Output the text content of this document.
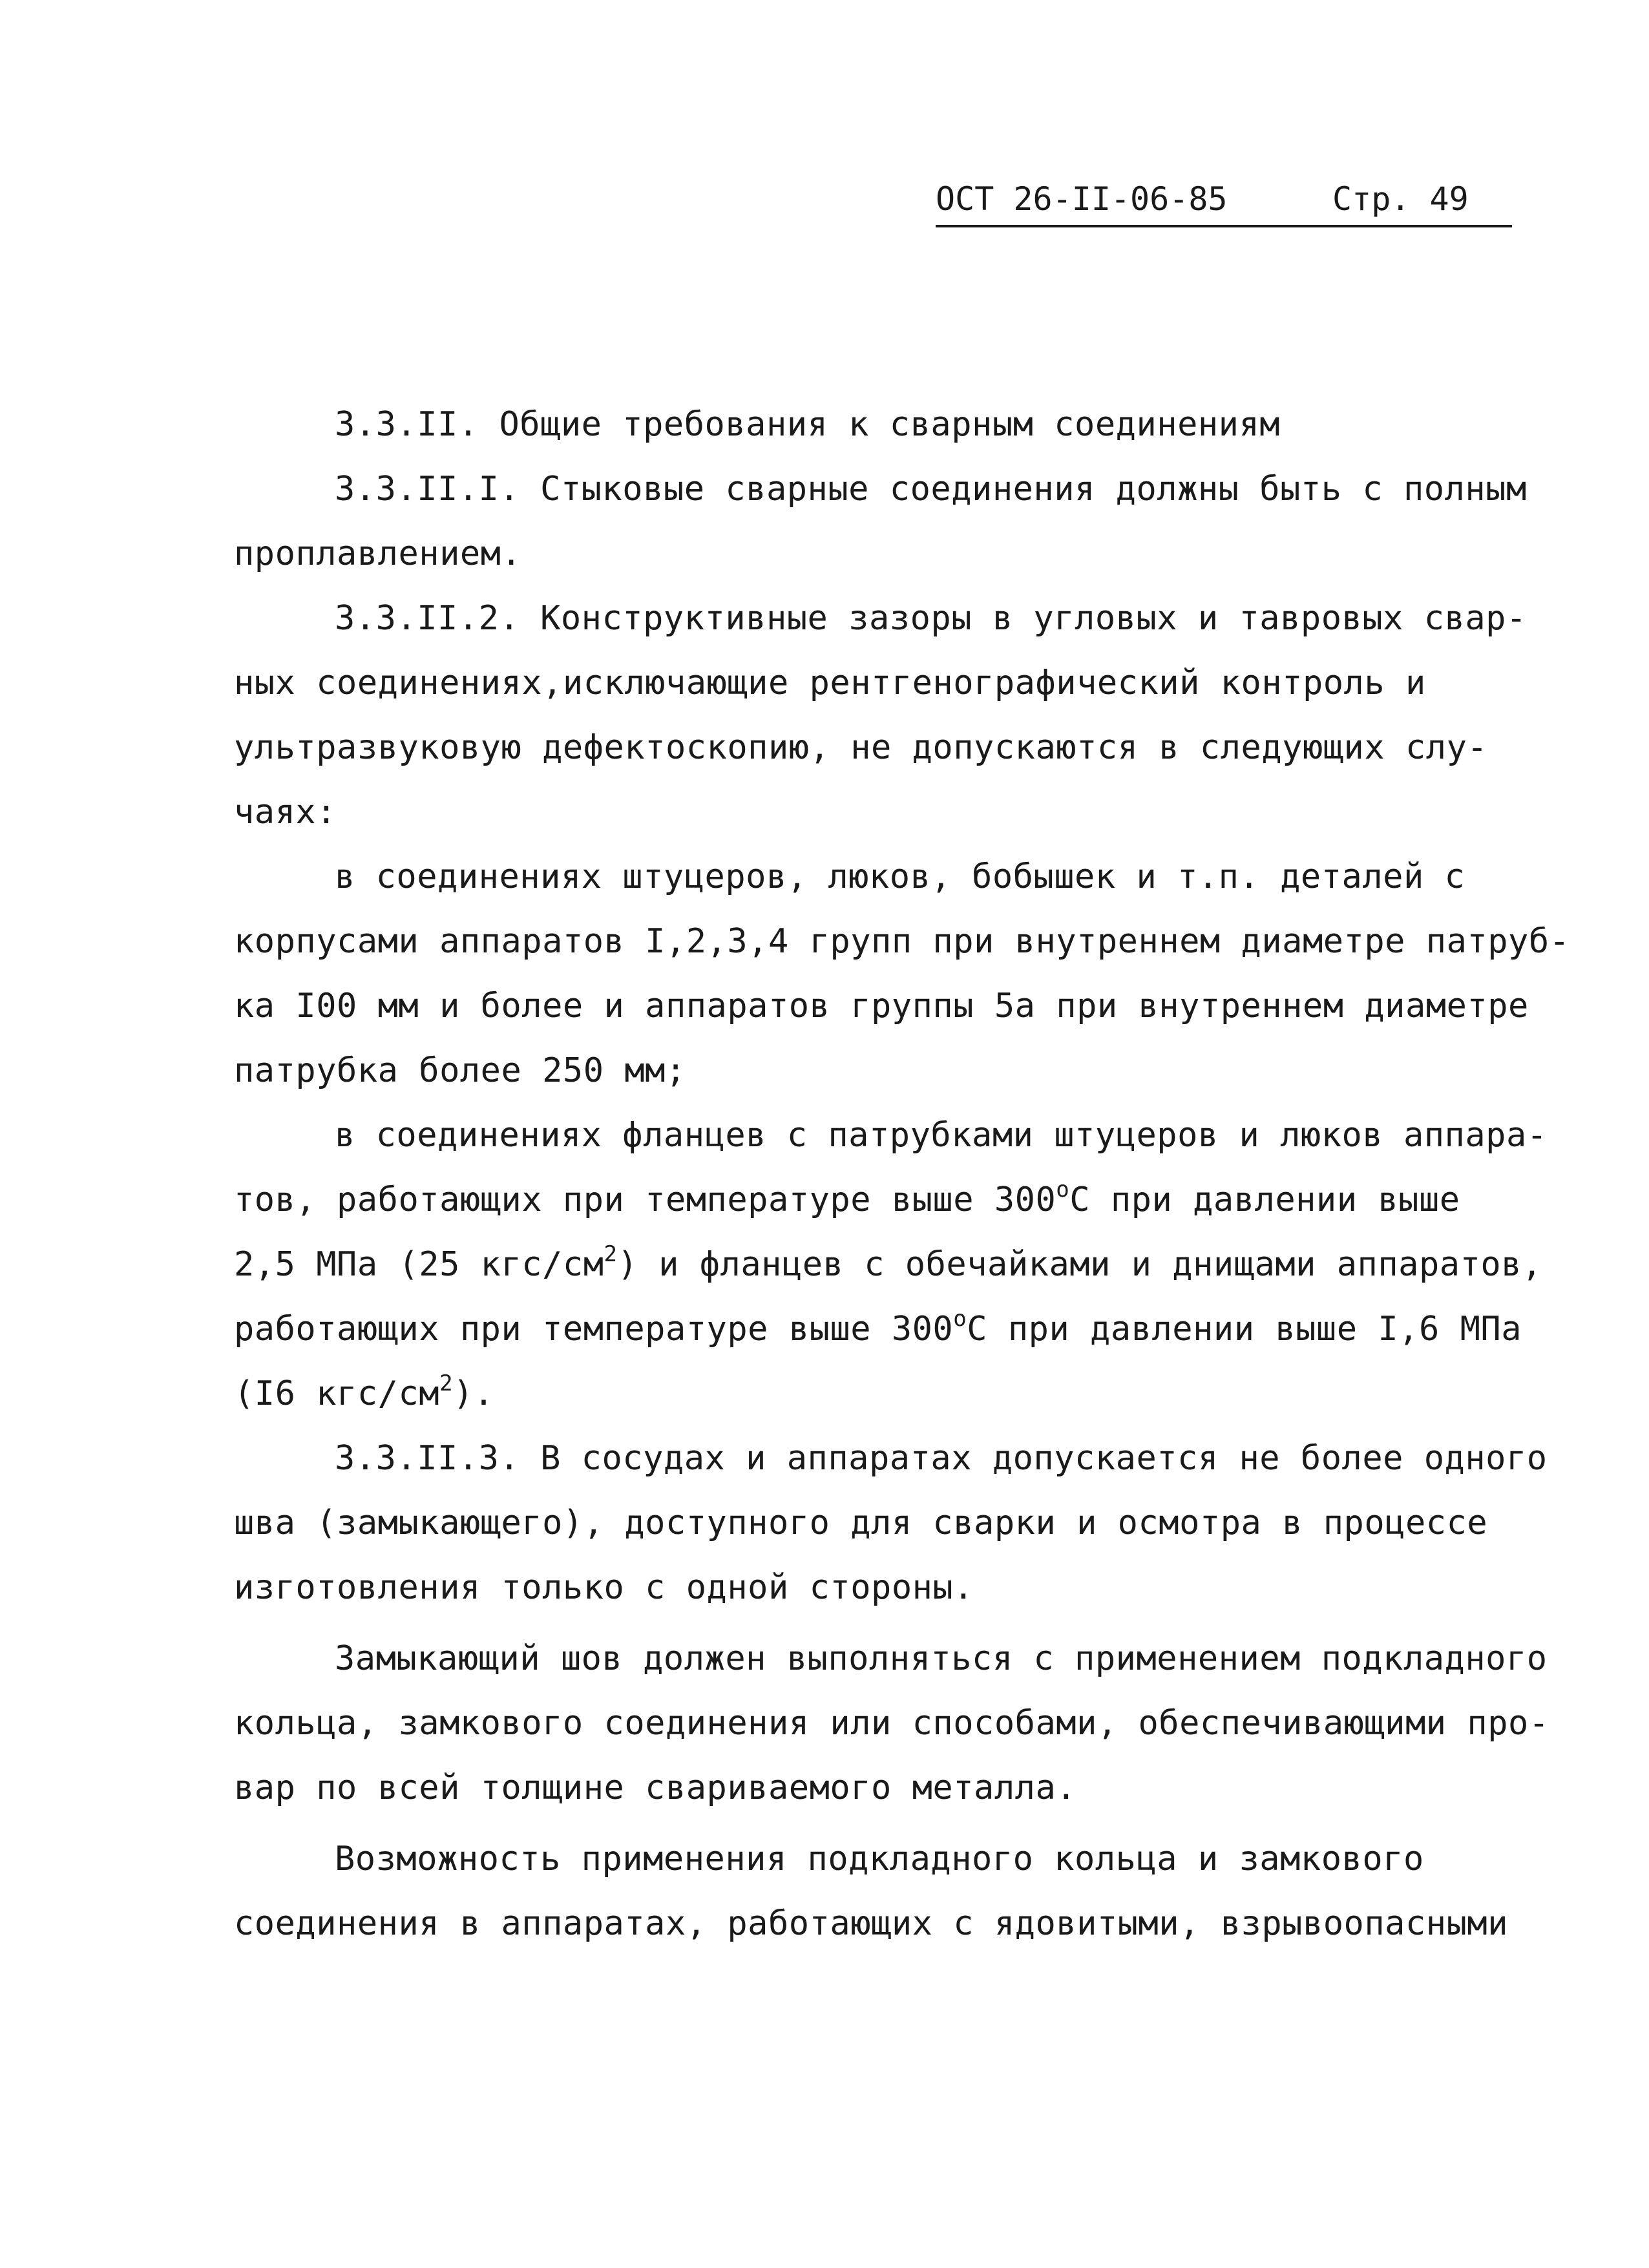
ОСТ 26-II-06-85	Стр. 49
3.3.II. Общие требования к сварным соединениям
3.3.II.I. Стыковые сварные соединения должны быть с полным
проплавлением.
3.3.II.2. Конструктивные зазоры в угловых и тавровых свар-
ных соединениях,исключающие рентгенографический контроль и
ультразвуковую дефектоскопию, не допускаются в следующих слу-
чаях:
в соединениях штуцеров, люков, бобышек и т.п. деталей с
корпусами аппаратов I,2,3,4 групп при внутреннем диаметре патруб-
ка I00 мм и более и аппаратов группы 5а при внутреннем диаметре
патрубка более 250 мм;
в соединениях фланцев с патрубками штуцеров и люков аппара-
тов, работающих при температуре выше $300^оС$ при давлении выше
2,5 МПа (25 кгс/$см^2$) и фланцев с обечайками и днищами аппаратов,
работающих при температуре выше $300^оС$ при давлении выше I,6 МПа
(I6 кгс/$см^2$).
3.3.II.3. В сосудах и аппаратах допускается не более одного
шва (замыкающего), доступного для сварки и осмотра в процессе
изготовления только с одной стороны.
Замыкающий шов должен выполняться с применением подкладного
кольца, замкового соединения или способами, обеспечивающими про-
вар по всей толщине свариваемого металла.
Возможность применения подкладного кольца и замкового
соединения в аппаратах, работающих с ядовитыми, взрывоопасными
